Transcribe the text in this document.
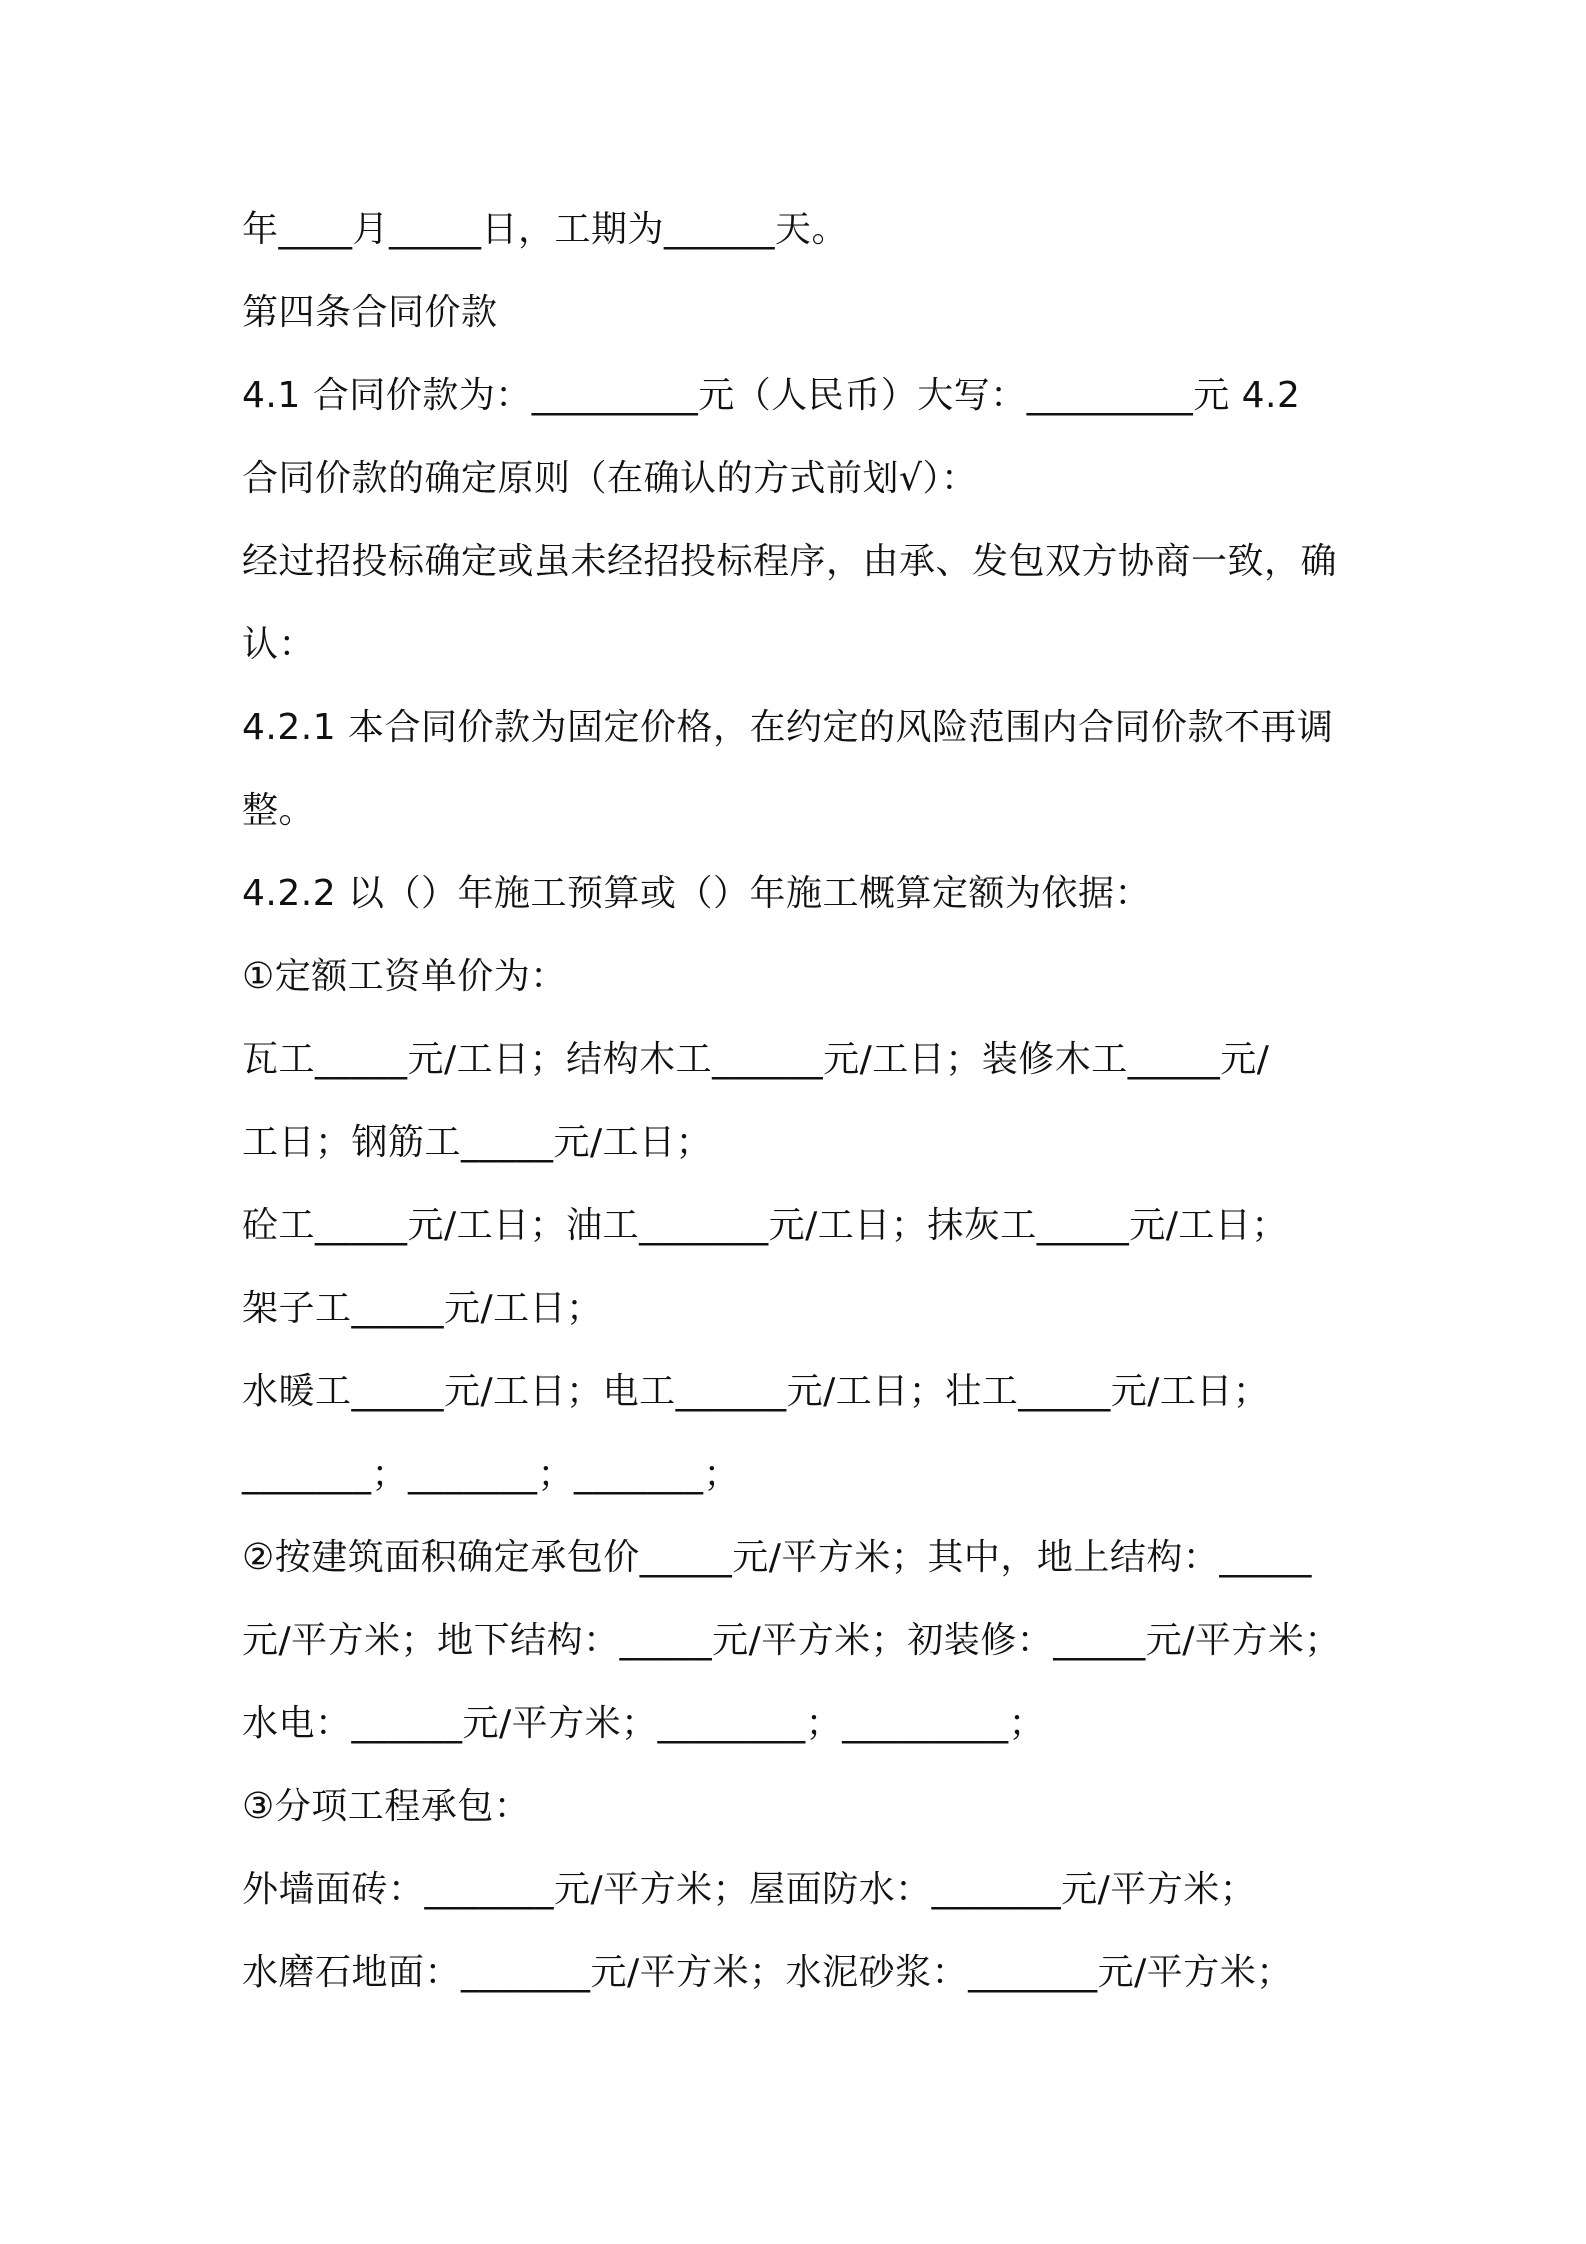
年____月_____日，工期为______天。
第四条合同价款
4.1 合同价款为：_________元（人民币）大写：_________元 4.2
合同价款的确定原则（在确认的方式前划√）：
经过招投标确定或虽未经招投标程序，由承、发包双方协商一致，确
认：
4.2.1 本合同价款为固定价格，在约定的风险范围内合同价款不再调
整。
4.2.2 以（）年施工预算或（）年施工概算定额为依据：
①定额工资单价为：
瓦工_____元/工日；结构木工______元/工日；装修木工_____元/
工日；钢筋工_____元/工日；
砼工_____元/工日；油工_______元/工日；抹灰工_____元/工日；
架子工_____元/工日；
水暖工_____元/工日；电工______元/工日；壮工_____元/工日；
_______；_______；_______；
②按建筑面积确定承包价_____元/平方米；其中，地上结构：_____
元/平方米；地下结构：_____元/平方米；初装修：_____元/平方米；
水电：______元/平方米；________；_________；
③分项工程承包：
外墙面砖：_______元/平方米；屋面防水：_______元/平方米；
水磨石地面：_______元/平方米；水泥砂浆：_______元/平方米；
